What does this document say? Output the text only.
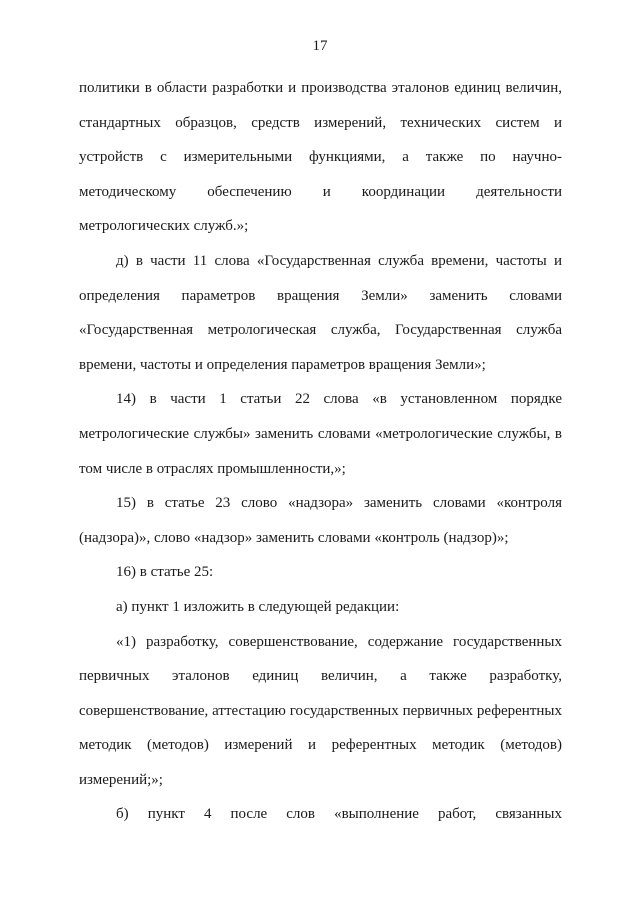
17

политики в области разработки и производства эталонов единиц величин, стандартных образцов, средств измерений, технических систем и устройств с измерительными функциями, а также по научно-методическому обеспечению и координации деятельности метрологических служб.»;

д) в части 11 слова «Государственная служба времени, частоты и определения параметров вращения Земли» заменить словами «Государственная метрологическая служба, Государственная служба времени, частоты и определения параметров вращения Земли»;

14) в части 1 статьи 22 слова «в установленном порядке метрологические службы» заменить словами «метрологические службы, в том числе в отраслях промышленности,»;

15) в статье 23 слово «надзора» заменить словами «контроля (надзора)», слово «надзор» заменить словами «контроль (надзор)»;

16) в статье 25:

а) пункт 1 изложить в следующей редакции:

«1) разработку, совершенствование, содержание государственных первичных эталонов единиц величин, а также разработку, совершенствование, аттестацию государственных первичных референтных методик (методов) измерений и референтных методик (методов) измерений;»;

б) пункт 4 после слов «выполнение работ, связанных
